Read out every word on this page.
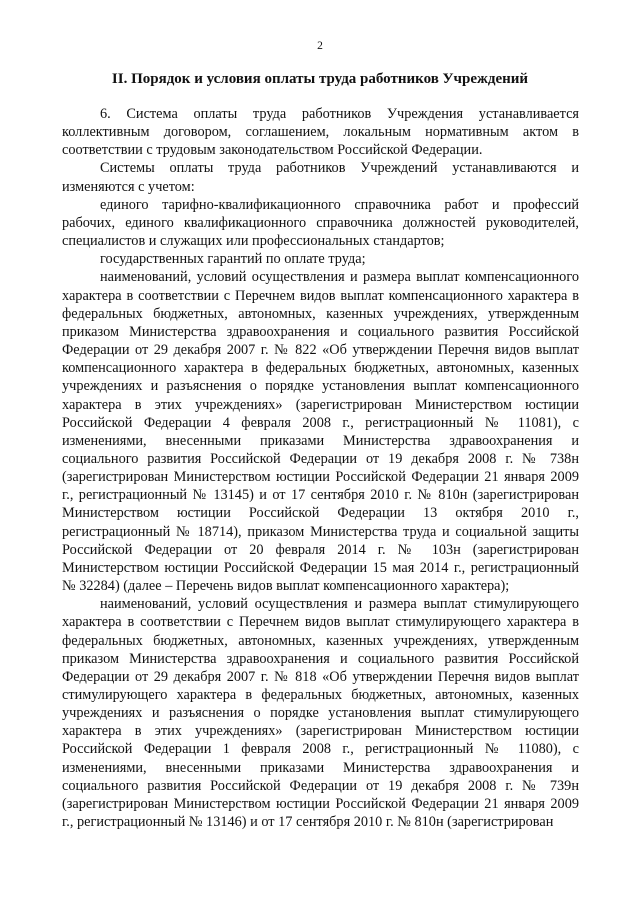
2
II. Порядок и условия оплаты труда работников Учреждений

6. Система оплаты труда работников Учреждения устанавливается коллективным договором, соглашением, локальным нормативным актом в соответствии с трудовым законодательством Российской Федерации.

Системы оплаты труда работников Учреждений устанавливаются и изменяются с учетом:

единого тарифно-квалификационного справочника работ и профессий рабочих, единого квалификационного справочника должностей руководителей, специалистов и служащих или профессиональных стандартов;

государственных гарантий по оплате труда;

наименований, условий осуществления и размера выплат компенсационного характера в соответствии с Перечнем видов выплат компенсационного характера в федеральных бюджетных, автономных, казенных учреждениях, утвержденным приказом Министерства здравоохранения и социального развития Российской Федерации от 29 декабря 2007 г. № 822 «Об утверждении Перечня видов выплат компенсационного характера в федеральных бюджетных, автономных, казенных учреждениях и разъяснения о порядке установления выплат компенсационного характера в этих учреждениях» (зарегистрирован Министерством юстиции Российской Федерации 4 февраля 2008 г., регистрационный № 11081), с изменениями, внесенными приказами Министерства здравоохранения и социального развития Российской Федерации от 19 декабря 2008 г. № 738н (зарегистрирован Министерством юстиции Российской Федерации 21 января 2009 г., регистрационный № 13145) и от 17 сентября 2010 г. № 810н (зарегистрирован Министерством юстиции Российской Федерации 13 октября 2010 г., регистрационный № 18714), приказом Министерства труда и социальной защиты Российской Федерации от 20 февраля 2014 г. № 103н (зарегистрирован Министерством юстиции Российской Федерации 15 мая 2014 г., регистрационный № 32284) (далее – Перечень видов выплат компенсационного характера);

наименований, условий осуществления и размера выплат стимулирующего характера в соответствии с Перечнем видов выплат стимулирующего характера в федеральных бюджетных, автономных, казенных учреждениях, утвержденным приказом Министерства здравоохранения и социального развития Российской Федерации от 29 декабря 2007 г. № 818 «Об утверждении Перечня видов выплат стимулирующего характера в федеральных бюджетных, автономных, казенных учреждениях и разъяснения о порядке установления выплат стимулирующего характера в этих учреждениях» (зарегистрирован Министерством юстиции Российской Федерации 1 февраля 2008 г., регистрационный № 11080), с изменениями, внесенными приказами Министерства здравоохранения и социального развития Российской Федерации от 19 декабря 2008 г. № 739н (зарегистрирован Министерством юстиции Российской Федерации 21 января 2009 г., регистрационный № 13146) и от 17 сентября 2010 г. № 810н (зарегистрирован
